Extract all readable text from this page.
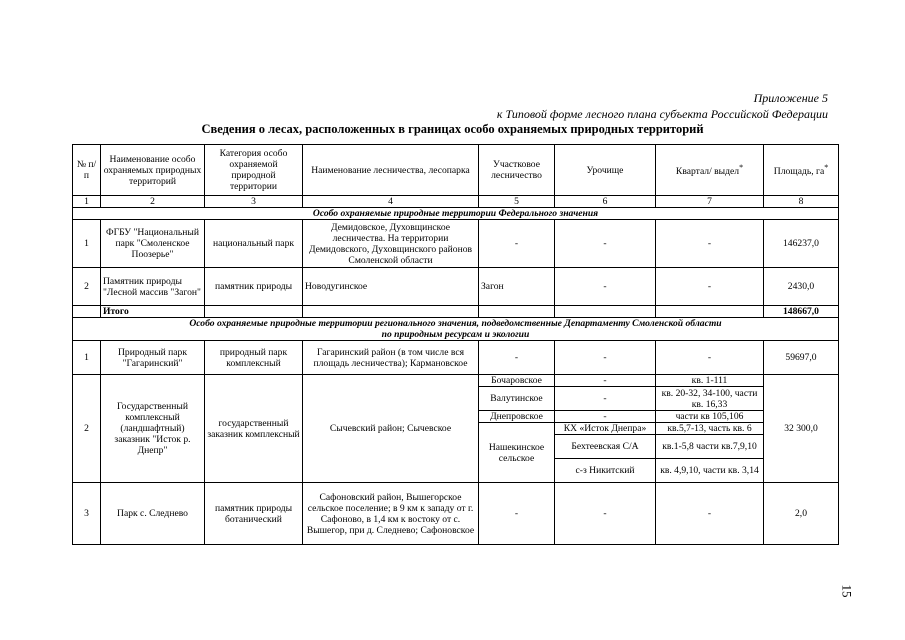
Приложение 5
к Типовой форме лесного плана субъекта Российской Федерации
Сведения о лесах, расположенных в границах особо охраняемых природных территорий
№ п/п	Наименование особо охраняемых природных территорий	Категория особо охраняемой природной территории	Наименование лесничества, лесопарка	Участковое лесничество	Урочище	Квартал/ выдел*	Площадь, га*
1	2	3	4	5	6	7	8
Особо охраняемые природные территории Федерального значения							
1	ФГБУ "Национальный парк "Смоленское Поозерье"	национальный парк	Демидовское, Духовщинское лесничества. На территории Демидовского, Духовщинского районов Смоленской области	-	-	-	146237,0
2	Памятник природы "Лесной массив "Загон"	памятник природы	Новодугинское	Загон	-	-	2430,0
	Итого						148667,0

Особо охраняемые природные территории регионального значения, подведомственные Департаменту Смоленской области
по природным ресурсам и экологии							

1	Природный парк "Гагаринский"	природный парк комплексный	Гагаринский район (в том числе вся площадь лесничества); Кармановское	-	-	-	59697,0
2	Государственный комплексный (ландшафтный) заказник "Исток р. Днепр"	государственный заказник комплексный	Сычевский район; Сычевское	Бочаровское	-	кв. 1-111	32 300,0
				Валутинское	-	кв. 20-32, 34-100, части кв. 16,33	
				Днепровское	-	части кв 105,106	
				Нашекинское сельское	КХ «Исток Днепра»	кв.5,7-13, часть кв. 6	
					Бехтеевская С/А	кв.1-5,8 части кв.7,9,10	
					с-з Никитский	кв. 4,9,10, части кв. 3,14	
3	Парк с. Следнево	памятник природы ботанический	Сафоновский район, Вышегорское сельское поселение; в 9 км к западу от г. Сафоново, в 1,4 км к востоку от с. Вышегор, при д. Следнево; Сафоновское	-	-	-	2,0
15
